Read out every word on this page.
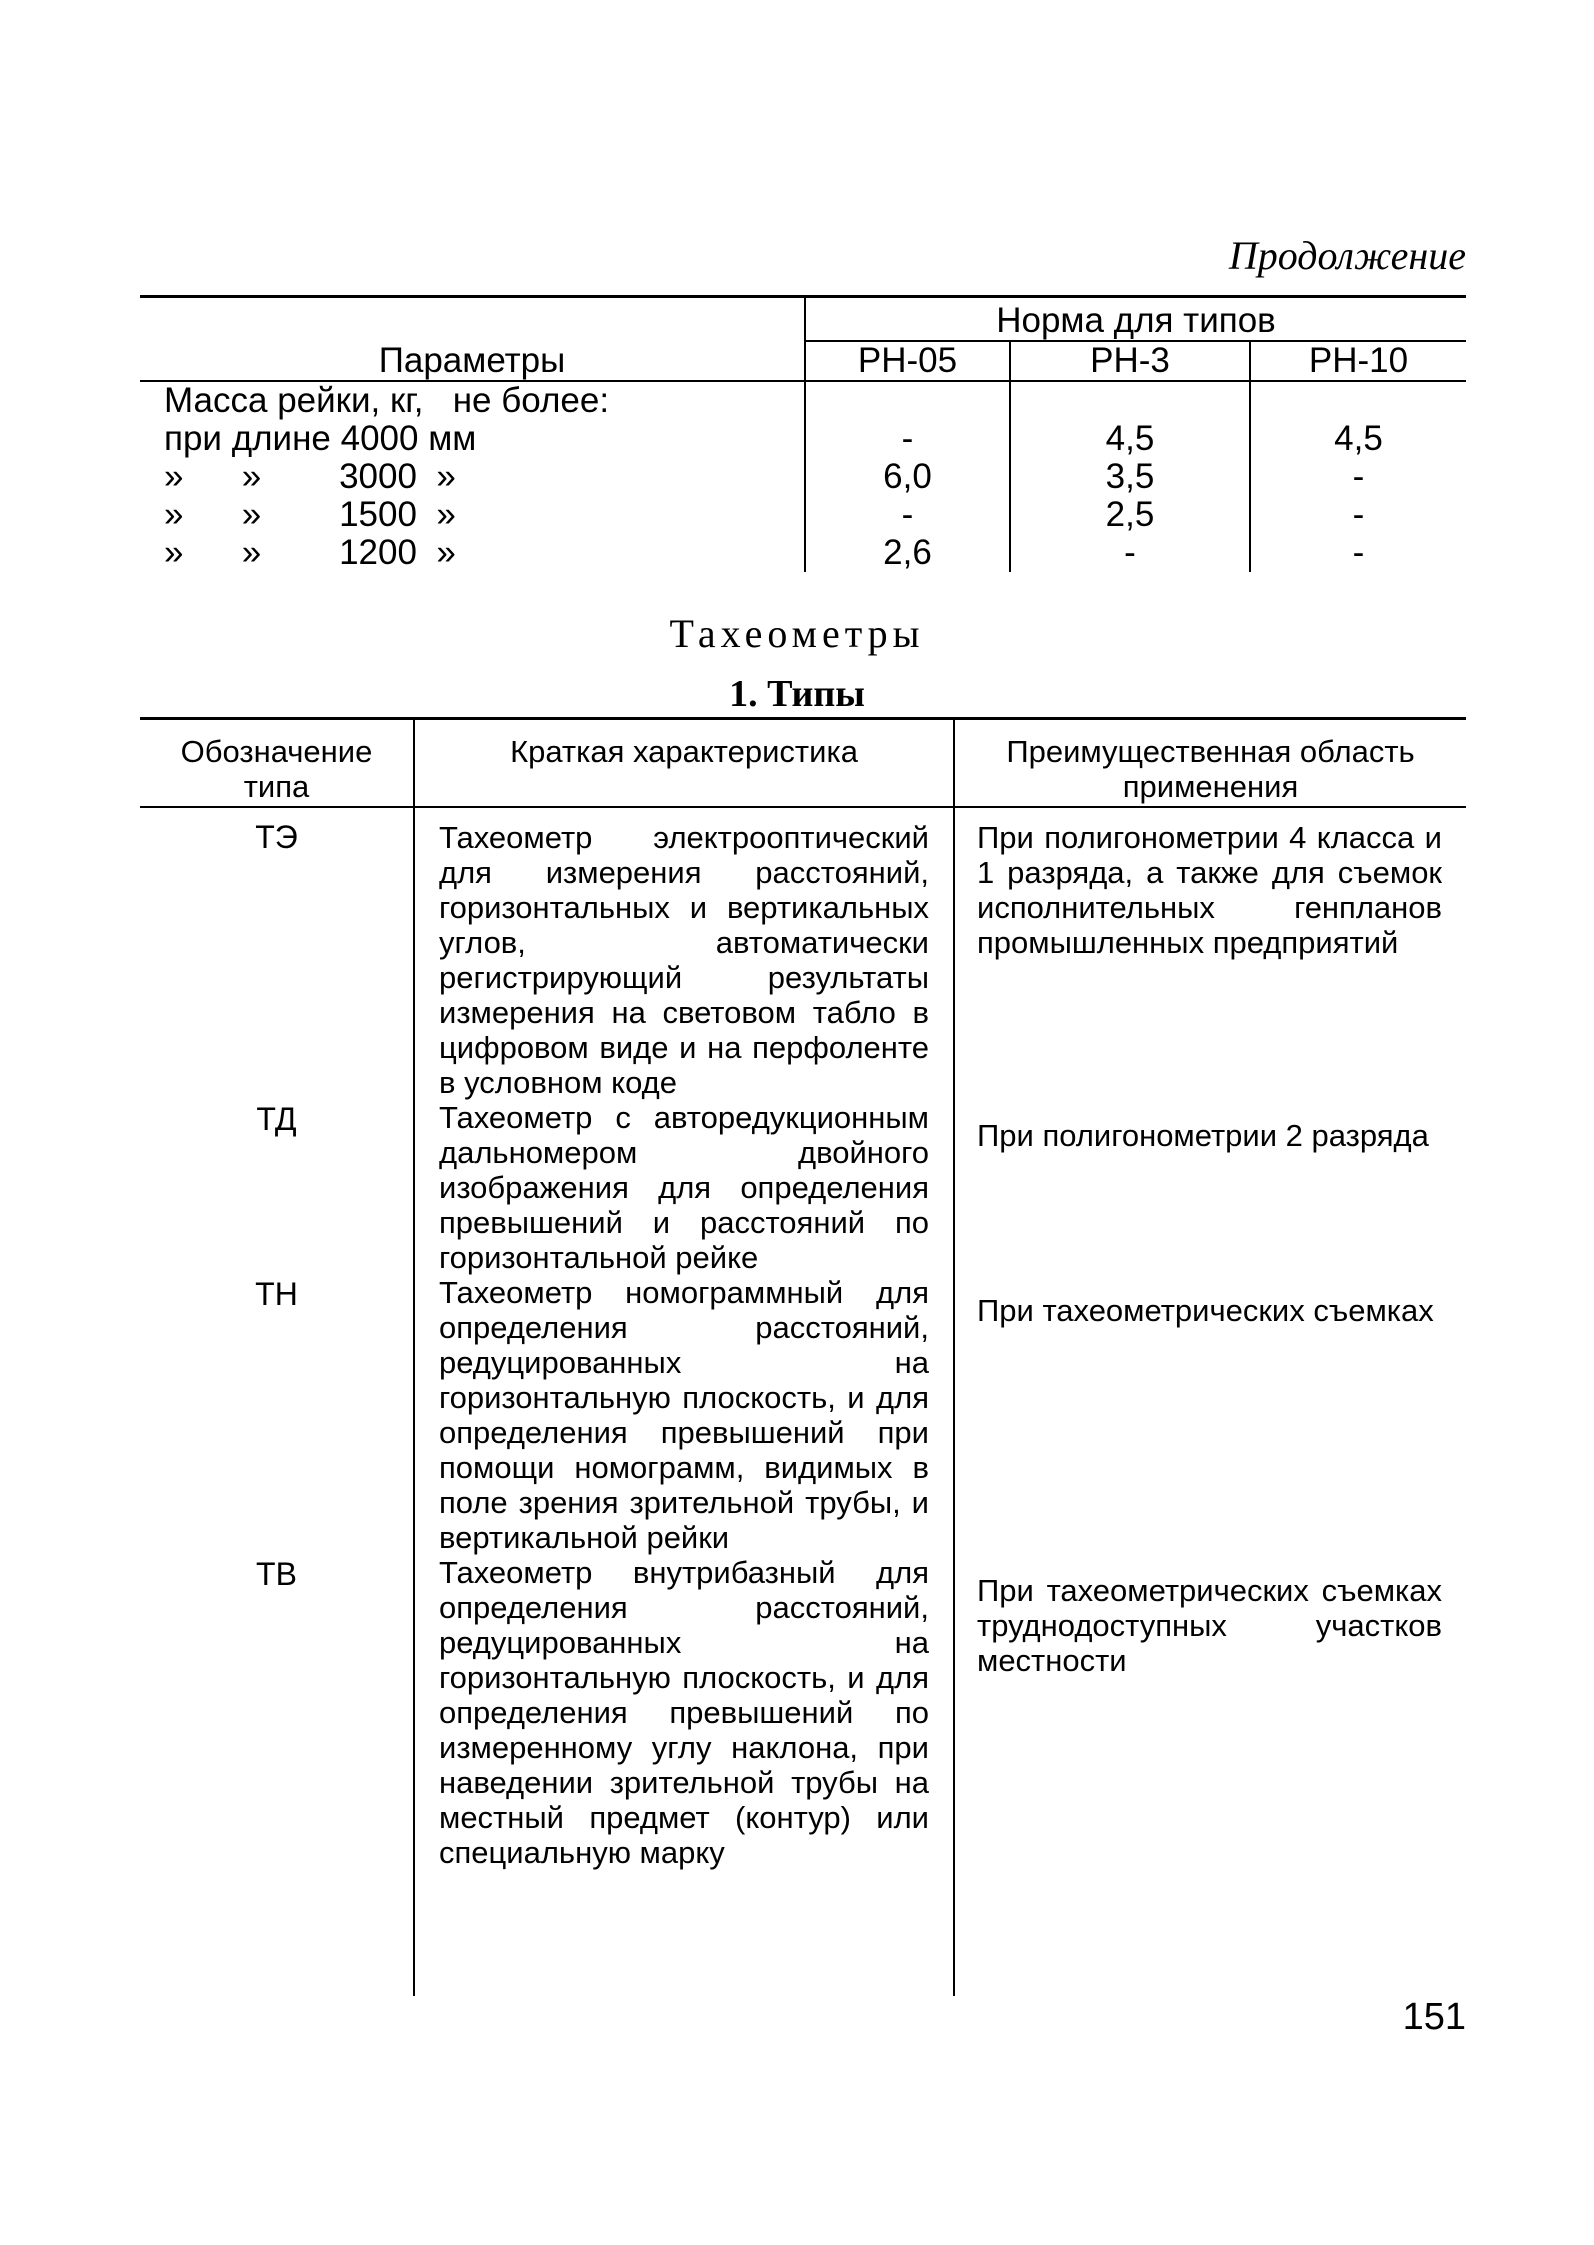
Продолжение
Параметры	Норма для типов		
	РН-05	РН-3	РН-10
Масса рейки, кг,   не более:			
при длине 4000 мм	-	4,5	4,5
»      »        3000  »	6,0	3,5	-
»      »        1500  »	-	2,5	-
»      »        1200  »	2,6	-	-
Тахеометры
1. Типы
Обозначение типа	Краткая характеристика	Преимущественная область применения
ТЭ	Тахеометр электрооптический для измерения расстояний, горизонтальных и вертикальных углов, автоматически регистрирующий результаты измерения на световом табло в цифровом виде и на перфоленте в условном коде	При полигонометрии 4 класса и 1 разряда, а также для съемок исполнительных генпланов промышленных предприятий
ТД	Тахеометр с авторедукционным дальномером двойного изображения для определения превышений и расстояний по горизонтальной рейке	При полигонометрии 2 разряда
ТН	Тахеометр номограммный для определения расстояний, редуцированных на горизонтальную плоскость, и для определения превышений при помощи номограмм, видимых в поле зрения зрительной трубы, и вертикальной рейки	При тахеометрических съемках
ТВ	Тахеометр внутрибазный для определения расстояний, редуцированных на горизонтальную плоскость, и для определения превышений по измеренному углу наклона, при наведении зрительной трубы на местный предмет (контур) или специальную марку	При тахеометрических съемках труднодоступных участков местности

151
